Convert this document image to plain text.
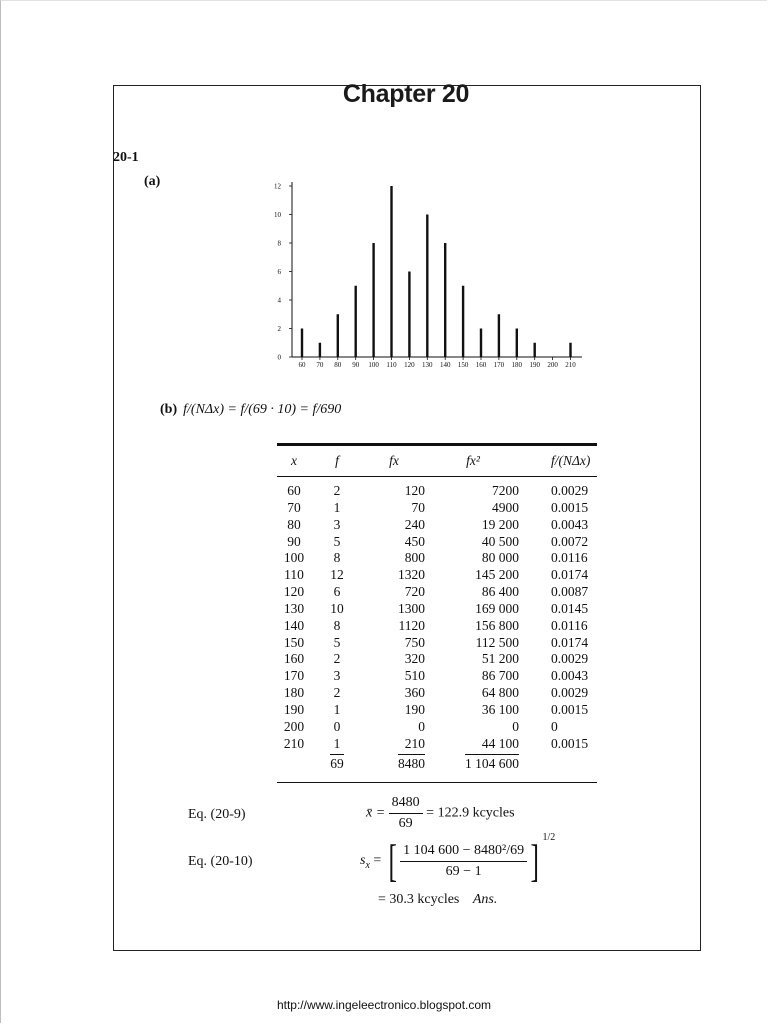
Chapter 20
20-1
(a)
0
2
4
6
8
10
12
60 70 80 90 100 110 120 130 140 150 160 170 180 190 200 210
(b) f/(NΔx) = f/(69 · 10) = f/690
x	f	fx	fx²	f/(NΔx)
60	2	120	7200	0.0029
70	1	70	4900	0.0015
80	3	240	19 200	0.0043
90	5	450	40 500	0.0072
100	8	800	80 000	0.0116
110	12	1320	145 200	0.0174
120	6	720	86 400	0.0087
130	10	1300	169 000	0.0145
140	8	1120	156 800	0.0116
150	5	750	112 500	0.0174
160	2	320	51 200	0.0029
170	3	510	86 700	0.0043
180	2	360	64 800	0.0029
190	1	190	36 100	0.0015
200	0	0	0	0
210	1	210	44 100	0.0015
	69	8480	1 104 600	
Eq. (20-9)	x̄ = $\frac{8480}{69} = 122.9$ kcycles
Eq. (20-10)	$s_x$ = [ $\frac{\text{1 104 600 − 8480²/69}}{69 - 1}$ ] $^{1/2}$
= 30.3 kcycles Ans.
http://www.ingeleectronico.blogspot.com
